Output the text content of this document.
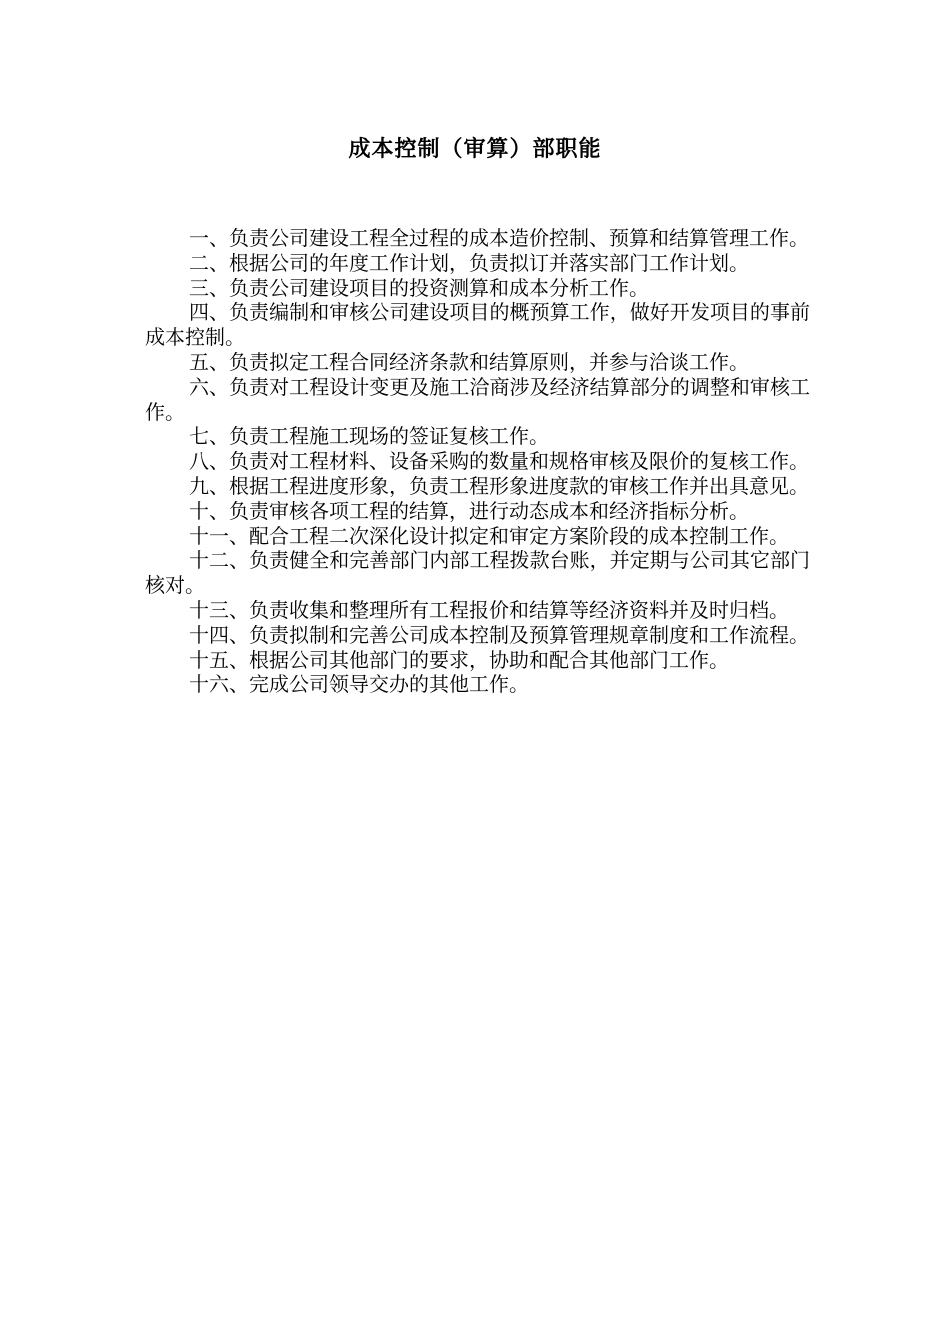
成本控制（审算）部职能
一、负责公司建设工程全过程的成本造价控制、预算和结算管理工作。
二、根据公司的年度工作计划，负责拟订并落实部门工作计划。
三、负责公司建设项目的投资测算和成本分析工作。
四、负责编制和审核公司建设项目的概预算工作，做好开发项目的事前成本控制。
五、负责拟定工程合同经济条款和结算原则，并参与洽谈工作。
六、负责对工程设计变更及施工洽商涉及经济结算部分的调整和审核工作。
七、负责工程施工现场的签证复核工作。
八、负责对工程材料、设备采购的数量和规格审核及限价的复核工作。
九、根据工程进度形象，负责工程形象进度款的审核工作并出具意见。
十、负责审核各项工程的结算，进行动态成本和经济指标分析。
十一、配合工程二次深化设计拟定和审定方案阶段的成本控制工作。
十二、负责健全和完善部门内部工程拨款台账，并定期与公司其它部门核对。
十三、负责收集和整理所有工程报价和结算等经济资料并及时归档。
十四、负责拟制和完善公司成本控制及预算管理规章制度和工作流程。
十五、根据公司其他部门的要求，协助和配合其他部门工作。
十六、完成公司领导交办的其他工作。
